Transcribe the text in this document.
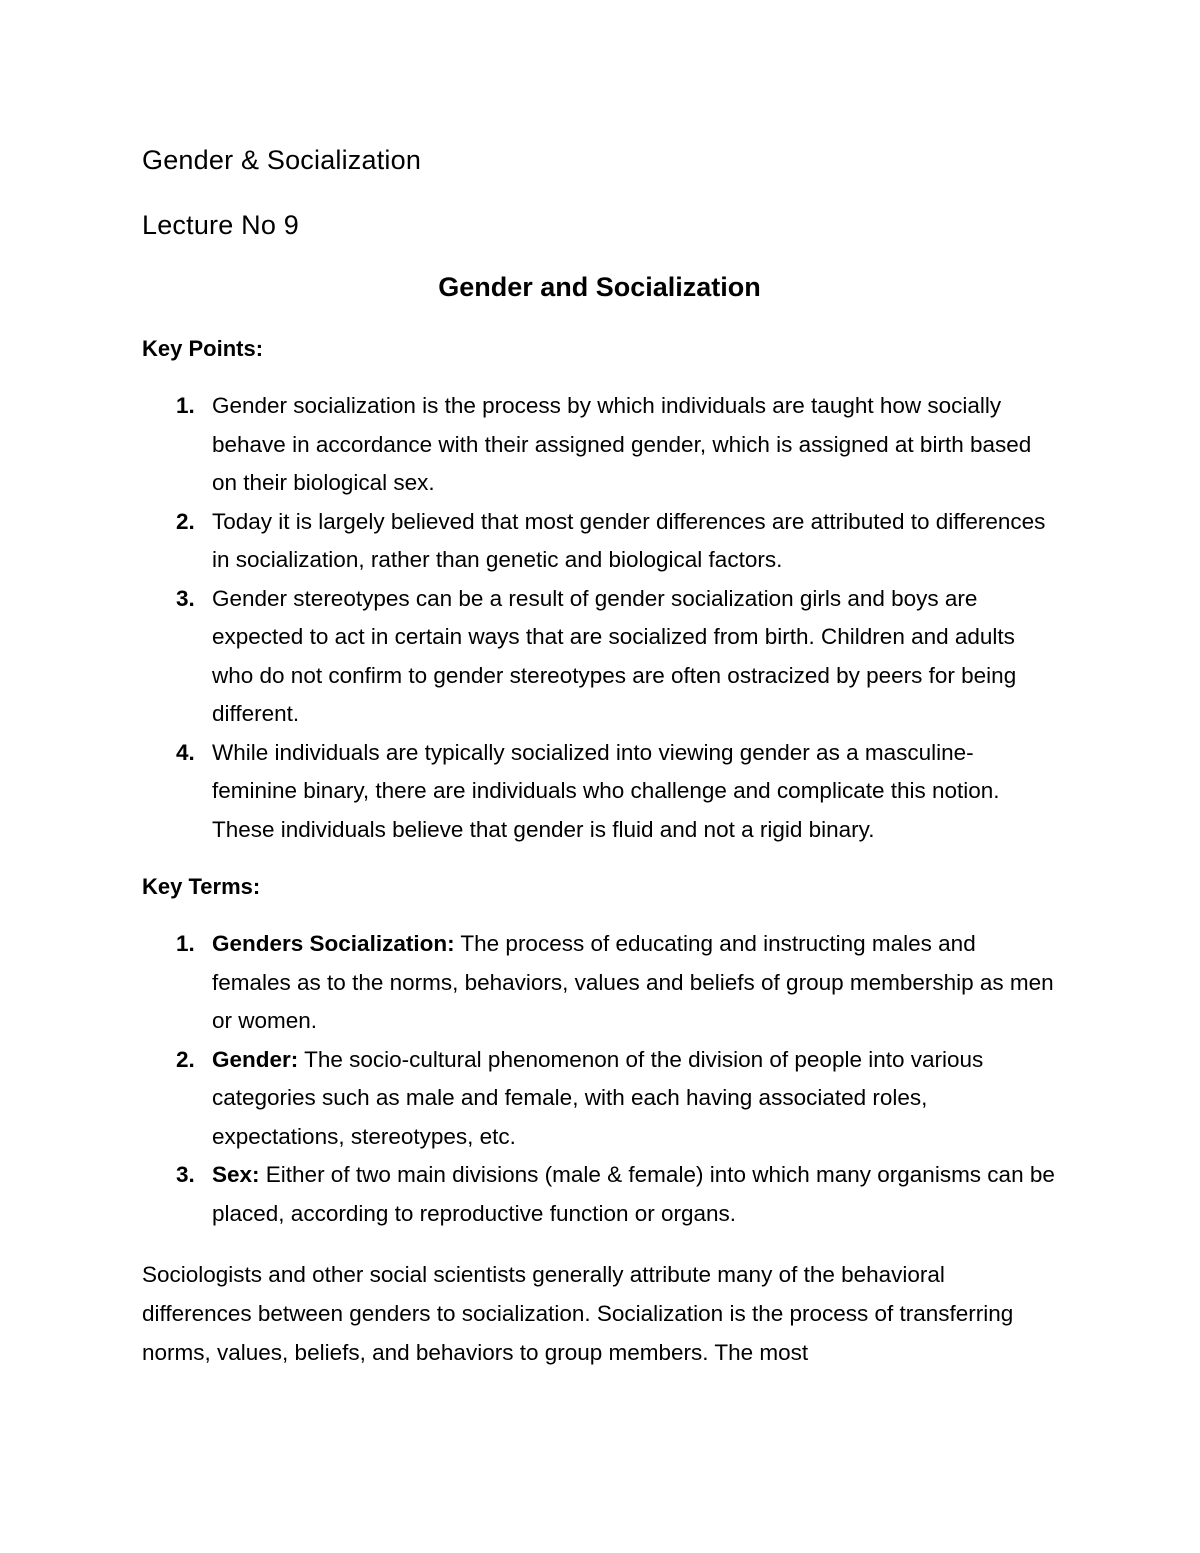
Gender & Socialization
Lecture No 9
Gender and Socialization
Key Points:
1. Gender socialization is the process by which individuals are taught how socially behave in accordance with their assigned gender, which is assigned at birth based on their biological sex.
2. Today it is largely believed that most gender differences are attributed to differences in socialization, rather than genetic and biological factors.
3. Gender stereotypes can be a result of gender socialization girls and boys are expected to act in certain ways that are socialized from birth. Children and adults who do not confirm to gender stereotypes are often ostracized by peers for being different.
4. While individuals are typically socialized into viewing gender as a masculine-feminine binary, there are individuals who challenge and complicate this notion. These individuals believe that gender is fluid and not a rigid binary.
Key Terms:
1. Genders Socialization: The process of educating and instructing males and females as to the norms, behaviors, values and beliefs of group membership as men or women.
2. Gender: The socio-cultural phenomenon of the division of people into various categories such as male and female, with each having associated roles, expectations, stereotypes, etc.
3. Sex: Either of two main divisions (male & female) into which many organisms can be placed, according to reproductive function or organs.

Sociologists and other social scientists generally attribute many of the behavioral differences between genders to socialization. Socialization is the process of transferring norms, values, beliefs, and behaviors to group members. The most
